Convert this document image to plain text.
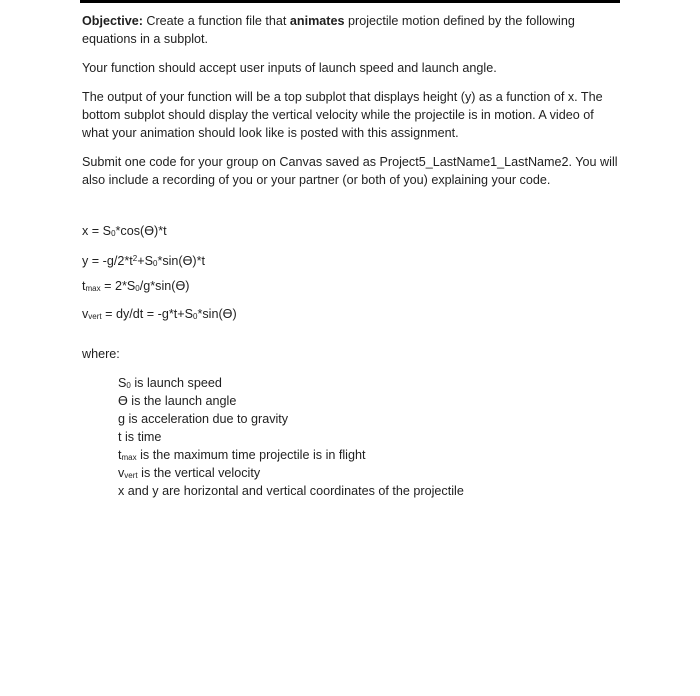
Objective: Create a function file that animates projectile motion defined by the following equations in a subplot.

Your function should accept user inputs of launch speed and launch angle.

The output of your function will be a top subplot that displays height (y) as a function of x. The bottom subplot should display the vertical velocity while the projectile is in motion. A video of what your animation should look like is posted with this assignment.

Submit one code for your group on Canvas saved as Project5_LastName1_LastName2. You will also include a recording of you or your partner (or both of you) explaining your code.

$x = S_0*\cos(ϴ)*t$
$y = -g/2*t^2+S_0*\sin(ϴ)*t$
$t_{max} = 2*S_0/g*\sin(ϴ)$
$v_{vert} = dy/dt = -g*t+S_0*\sin(ϴ)$
where:
$S_0$ is launch speed
ϴ is the launch angle
g is acceleration due to gravity
t is time
$t_{max}$ is the maximum time projectile is in flight
$v_{vert}$ is the vertical velocity
x and y are horizontal and vertical coordinates of the projectile
